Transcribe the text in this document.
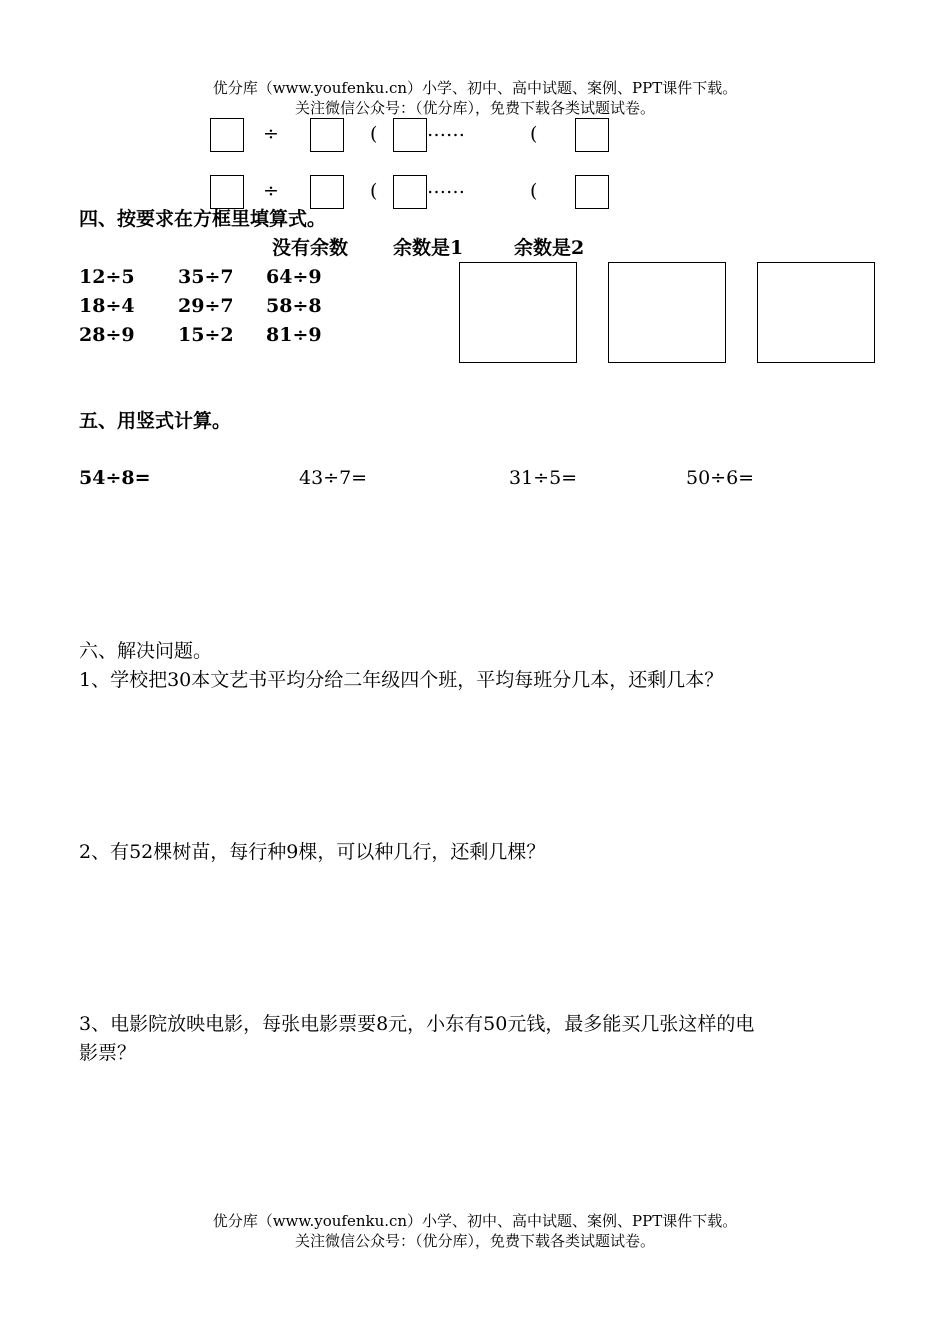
优分库（www.youfenku.cn）小学、初中、高中试题、案例、PPT课件下载。
关注微信公众号：（优分库），免费下载各类试题试卷。
÷	(	……	(
÷	(	……	(
四、按要求在方框里填算式。
没有余数 余数是1	余数是2
12÷5 35÷7 64÷9
18÷4 29÷7 58÷8
28÷9 15÷2 81÷9
五、用竖式计算。
54÷8=	43÷7=	31÷5=	50÷6=
六、解决问题。
1、学校把30本文艺书平均分给二年级四个班，平均每班分几本，还剩几本？
2、有52棵树苗，每行种9棵，可以种几行，还剩几棵？
3、电影院放映电影，每张电影票要8元，小东有50元钱，最多能买几张这样的电
影票？
优分库（www.youfenku.cn）小学、初中、高中试题、案例、PPT课件下载。
关注微信公众号：（优分库），免费下载各类试题试卷。
